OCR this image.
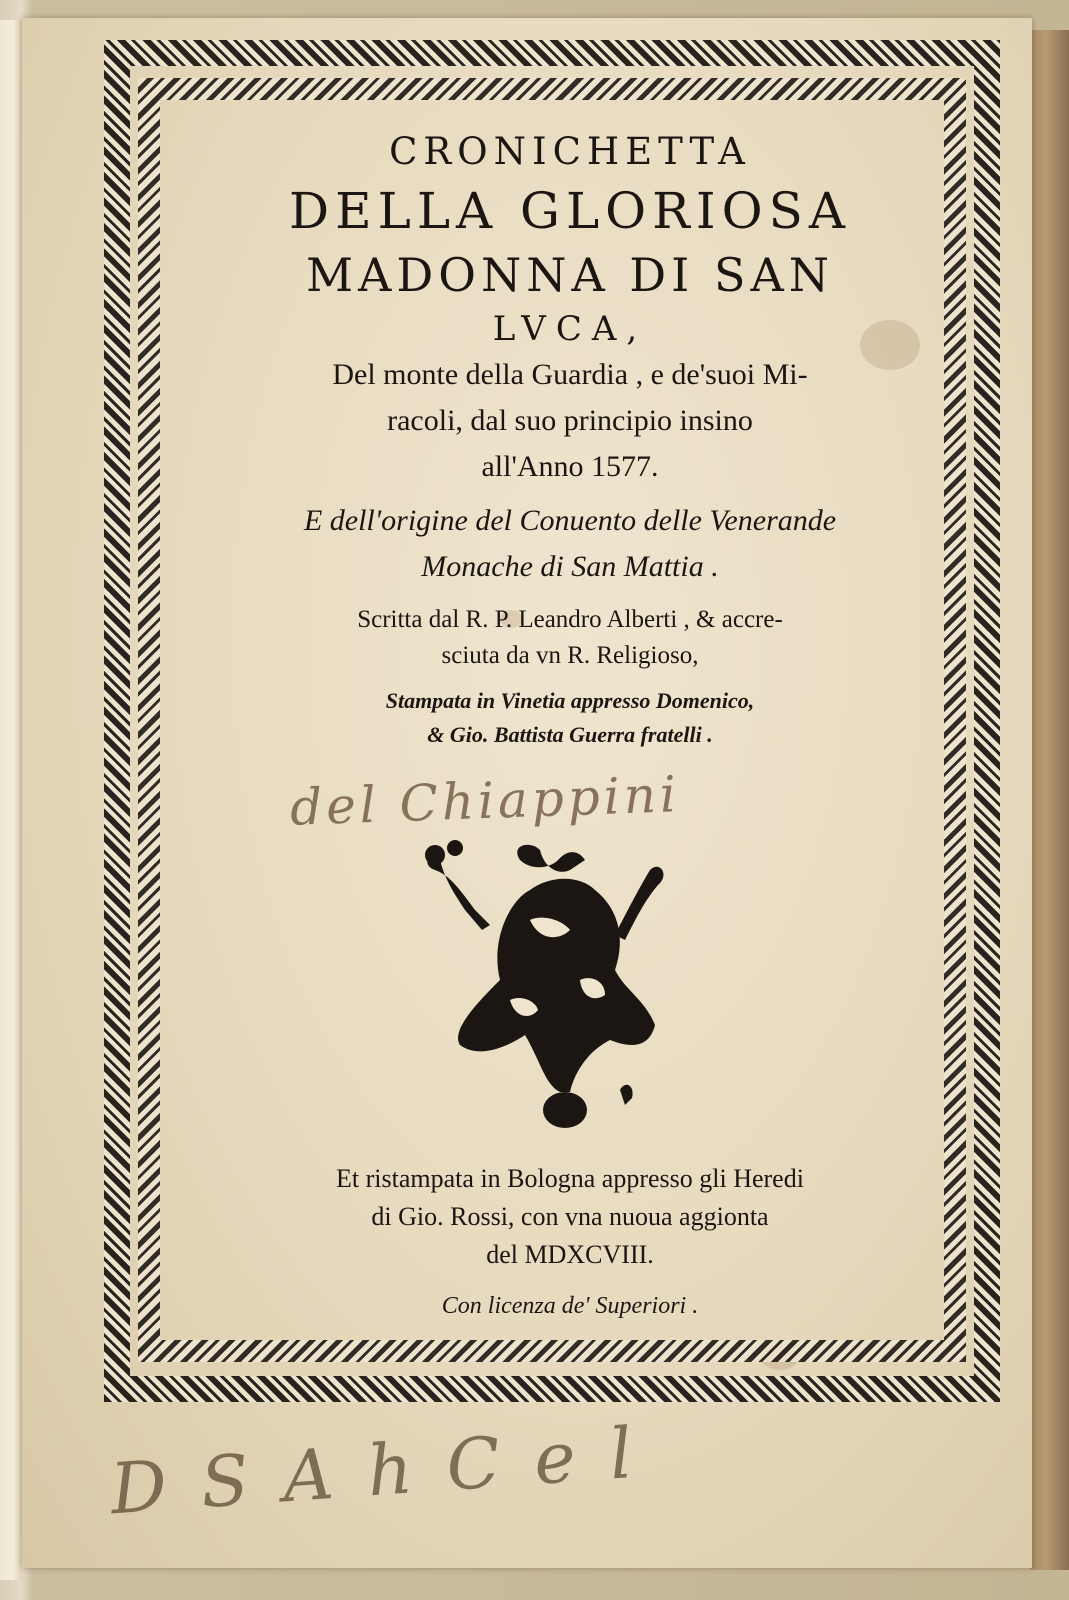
CRONICHETTA
DELLA GLORIOSA
MADONNA DI SAN
LVCA,
Del monte della Guardia , e de'suoi Mi-
racoli, dal suo principio insino
all'Anno 1577.
E dell'origine del Conuento delle Venerande
Monache di San Mattia .
Scritta dal R. P. Leandro Alberti , & accre-
sciuta da vn R. Religioso,
Stampata in Vinetia appresso Domenico,
& Gio. Battista Guerra fratelli .
del Chiappini
Et ristampata in Bologna appresso gli Heredi
di Gio. Rossi, con vna nuoua aggionta
del MDXCVIII.
Con licenza de' Superiori .
D S A h C e l
